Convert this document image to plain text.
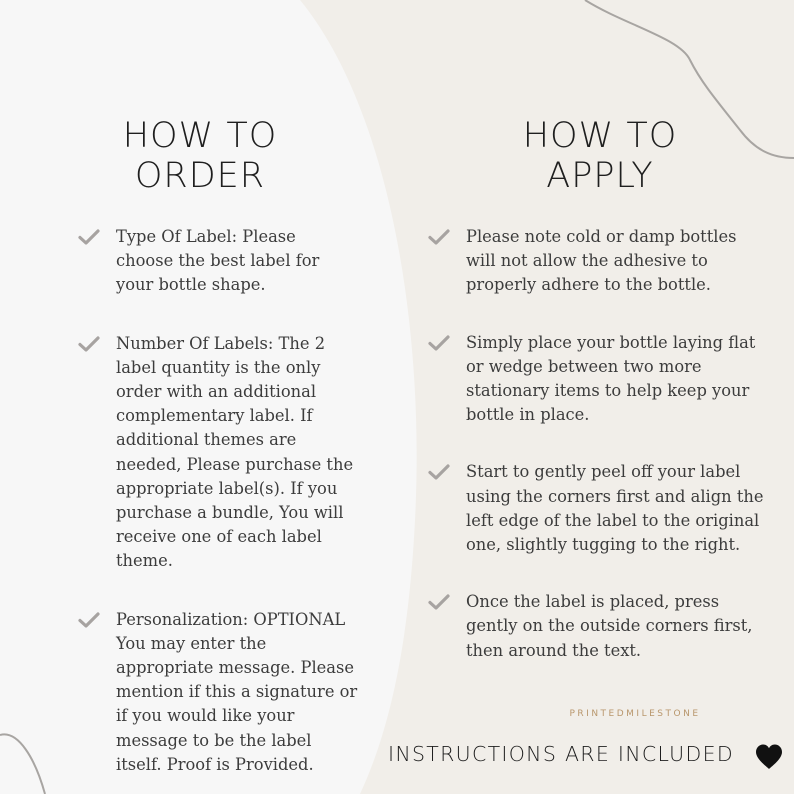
HOW TO
ORDER
HOW TO
APPLY
Type Of Label: Please
choose the best label for
your bottle shape.
Number Of Labels: The 2
label quantity is the only
order with an additional
complementary label. If
additional themes are
needed, Please purchase the
appropriate label(s). If you
purchase a bundle, You will
receive one of each label
theme.
Personalization: OPTIONAL
You may enter the
appropriate message. Please
mention if this a signature or
if you would like your
message to be the label
itself. Proof is Provided.
Please note cold or damp bottles
will not allow the adhesive to
properly adhere to the bottle.
Simply place your bottle laying flat
or wedge between two more
stationary items to help keep your
bottle in place.
Start to gently peel off your label
using the corners first and align the
left edge of the label to the original
one, slightly tugging to the right.
Once the label is placed, press
gently on the outside corners first,
then around the text.
PRINTEDMILESTONE
INSTRUCTIONS ARE INCLUDED
